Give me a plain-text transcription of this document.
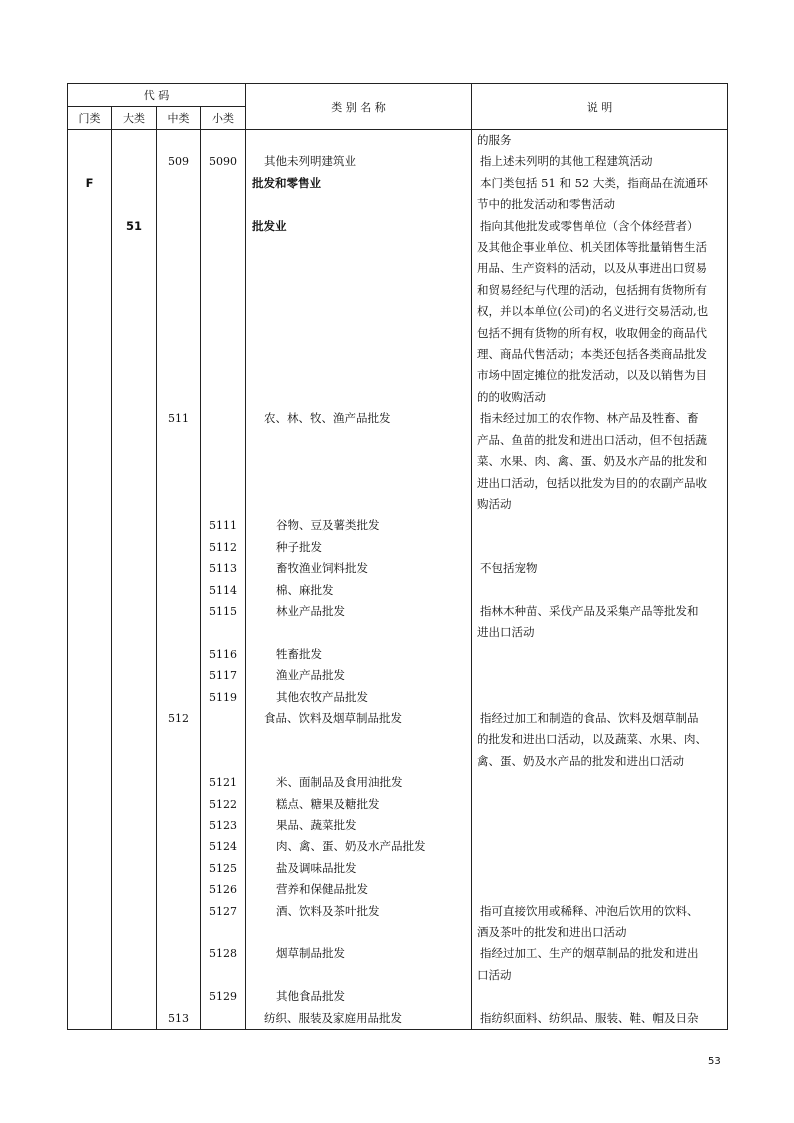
代 码				类 别 名 称	说 明
门类	大类	中类	小类		
					的服务
		509	5090	其他未列明建筑业	指上述未列明的其他工程建筑活动
F				批发和零售业	本门类包括 51 和 52 大类，指商品在流通环
					节中的批发活动和零售活动
	51			批发业	指向其他批发或零售单位（含个体经营者）
					及其他企事业单位、机关团体等批量销售生活
					用品、生产资料的活动，以及从事进出口贸易
					和贸易经纪与代理的活动，包括拥有货物所有
					权，并以本单位(公司)的名义进行交易活动,也
					包括不拥有货物的所有权，收取佣金的商品代
					理、商品代售活动；本类还包括各类商品批发
					市场中固定摊位的批发活动，以及以销售为目
					的的收购活动
		511		农、林、牧、渔产品批发	指未经过加工的农作物、林产品及牲畜、畜
					产品、鱼苗的批发和进出口活动，但不包括蔬
					菜、水果、肉、禽、蛋、奶及水产品的批发和
					进出口活动，包括以批发为目的的农副产品收
					购活动
			5111	谷物、豆及薯类批发	
			5112	种子批发	
			5113	畜牧渔业饲料批发	不包括宠物
			5114	棉、麻批发	
			5115	林业产品批发	指林木种苗、采伐产品及采集产品等批发和
					进出口活动
			5116	牲畜批发	
			5117	渔业产品批发	
			5119	其他农牧产品批发	
		512		食品、饮料及烟草制品批发	指经过加工和制造的食品、饮料及烟草制品
					的批发和进出口活动，以及蔬菜、水果、肉、
					禽、蛋、奶及水产品的批发和进出口活动
			5121	米、面制品及食用油批发	
			5122	糕点、糖果及糖批发	
			5123	果品、蔬菜批发	
			5124	肉、禽、蛋、奶及水产品批发	
			5125	盐及调味品批发	
			5126	营养和保健品批发	
			5127	酒、饮料及茶叶批发	指可直接饮用或稀释、冲泡后饮用的饮料、
					酒及茶叶的批发和进出口活动
			5128	烟草制品批发	指经过加工、生产的烟草制品的批发和进出
					口活动
			5129	其他食品批发	
		513		纺织、服装及家庭用品批发	指纺织面料、纺织品、服装、鞋、帽及日杂
53
